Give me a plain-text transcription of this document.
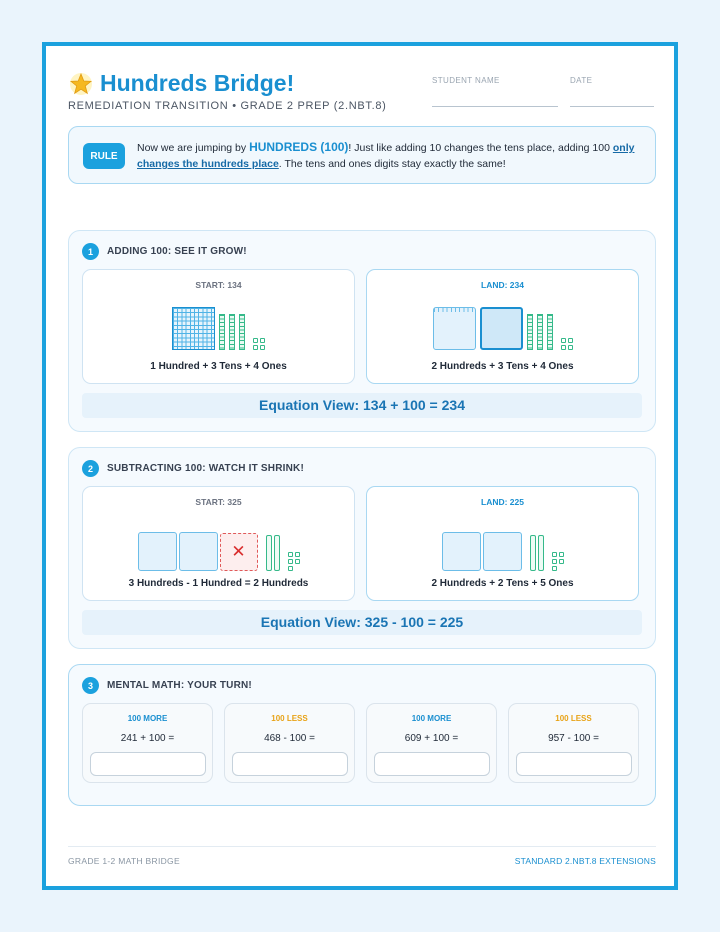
Hundreds Bridge!
REMEDIATION TRANSITION • GRADE 2 PREP (2.NBT.8)
STUDENT NAME	DATE
RULE
Now we are jumping by HUNDREDS (100)! Just like adding 10 changes the tens place, adding 100 only changes the hundreds place. The tens and ones digits stay exactly the same!
1	ADDING 100: SEE IT GROW!
START: 134
1 Hundred + 3 Tens + 4 Ones
LAND: 234
2 Hundreds + 3 Tens + 4 Ones
Equation View: 134 + 100 = 234
2	SUBTRACTING 100: WATCH IT SHRINK!
START: 325
✕
3 Hundreds - 1 Hundred = 2 Hundreds
LAND: 225
2 Hundreds + 2 Tens + 5 Ones
Equation View: 325 - 100 = 225
3	MENTAL MATH: YOUR TURN!
100 MORE
241 + 100 =
100 LESS
468 - 100 =
100 MORE
609 + 100 =
100 LESS
957 - 100 =
GRADE 1-2 MATH BRIDGE	STANDARD 2.NBT.8 EXTENSIONS
